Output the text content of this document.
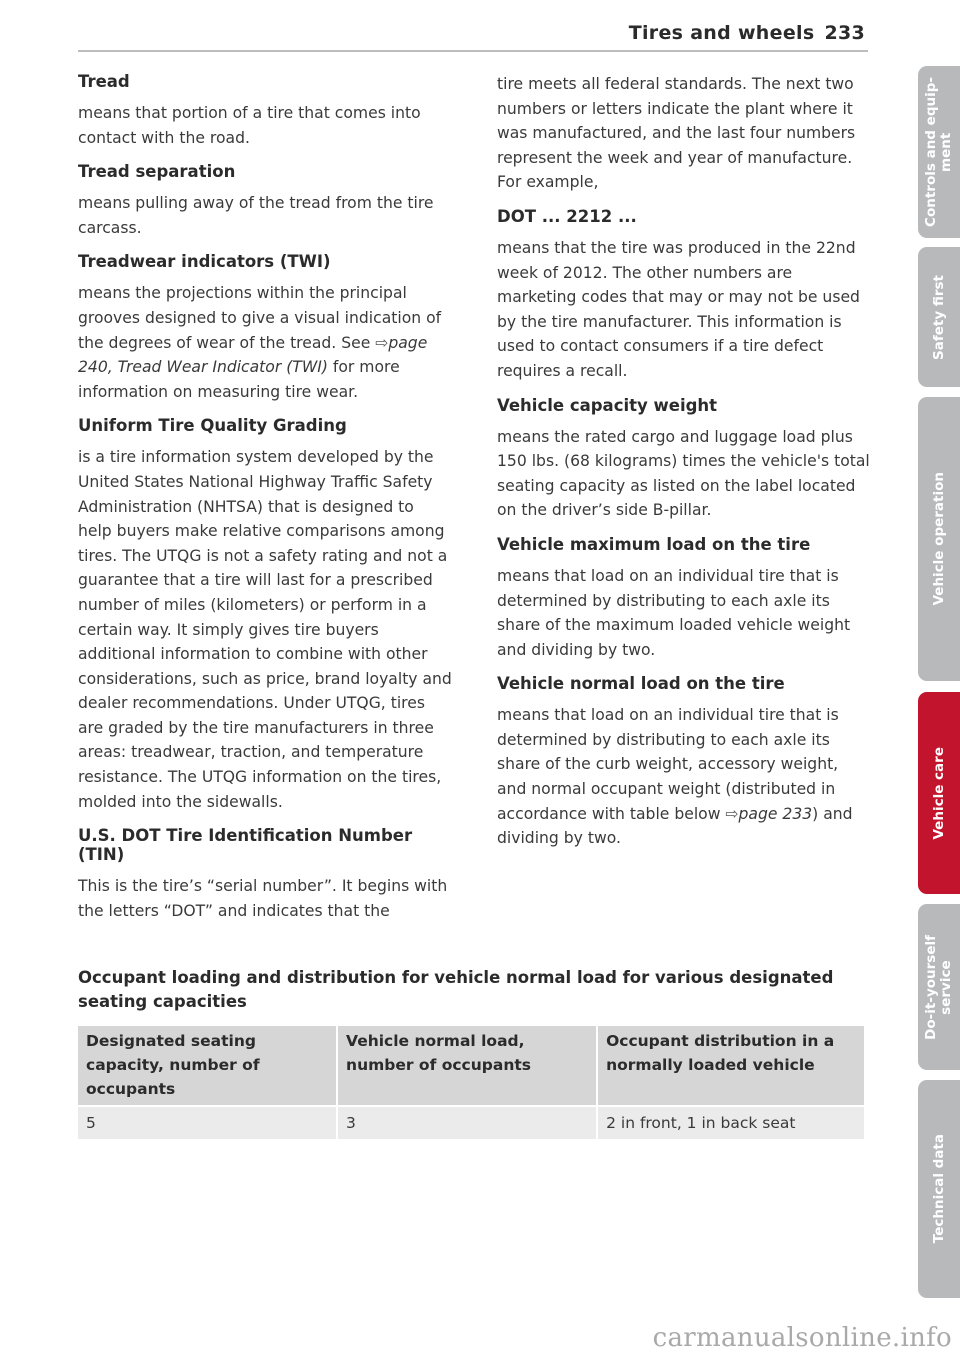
Tires and wheels 233
Tread

means that portion of a tire that comes into contact with the road.

Tread separation

means pulling away of the tread from the tire carcass.

Treadwear indicators (TWI)

means the projections within the principal grooves designed to give a visual indication of the degrees of wear of the tread. See ⇨page 240, Tread Wear Indicator (TWI) for more information on measuring tire wear.

Uniform Tire Quality Grading

is a tire information system developed by the United States National Highway Traffic Safety Administration (NHTSA) that is designed to help buyers make relative comparisons among tires. The UTQG is not a safety rating and not a guarantee that a tire will last for a prescribed number of miles (kilometers) or perform in a certain way. It simply gives tire buyers additional information to combine with other considerations, such as price, brand loyalty and dealer recommendations. Under UTQG, tires are graded by the tire manufacturers in three areas: treadwear, traction, and temperature resistance. The UTQG information on the tires, molded into the sidewalls.

U.S. DOT Tire Identification Number (TIN)

This is the tire’s “serial number”. It begins with the letters “DOT” and indicates that the

tire meets all federal standards. The next two numbers or letters indicate the plant where it was manufactured, and the last four numbers represent the week and year of manufacture. For example,

DOT ... 2212 ...

means that the tire was produced in the 22nd week of 2012. The other numbers are marketing codes that may or may not be used by the tire manufacturer. This information is used to contact consumers if a tire defect requires a recall.

Vehicle capacity weight

means the rated cargo and luggage load plus 150 lbs. (68 kilograms) times the vehicle's total seating capacity as listed on the label located on the driver’s side B-pillar.

Vehicle maximum load on the tire

means that load on an individual tire that is determined by distributing to each axle its share of the maximum loaded vehicle weight and dividing by two.

Vehicle normal load on the tire

means that load on an individual tire that is determined by distributing to each axle its share of the curb weight, accessory weight, and normal occupant weight (distributed in accordance with table below ⇨page 233) and dividing by two.

Occupant loading and distribution for vehicle normal load for various designated seating capacities
Designated seating capacity, number of occupants	Vehicle normal load, number of occupants	Occupant distribution in a normally loaded vehicle
5	3	2 in front, 1 in back seat
Controls and equip-
ment
Safety first
Vehicle operation
Vehicle care
Do-it-yourself
service
Technical data
carmanualsonline.info
